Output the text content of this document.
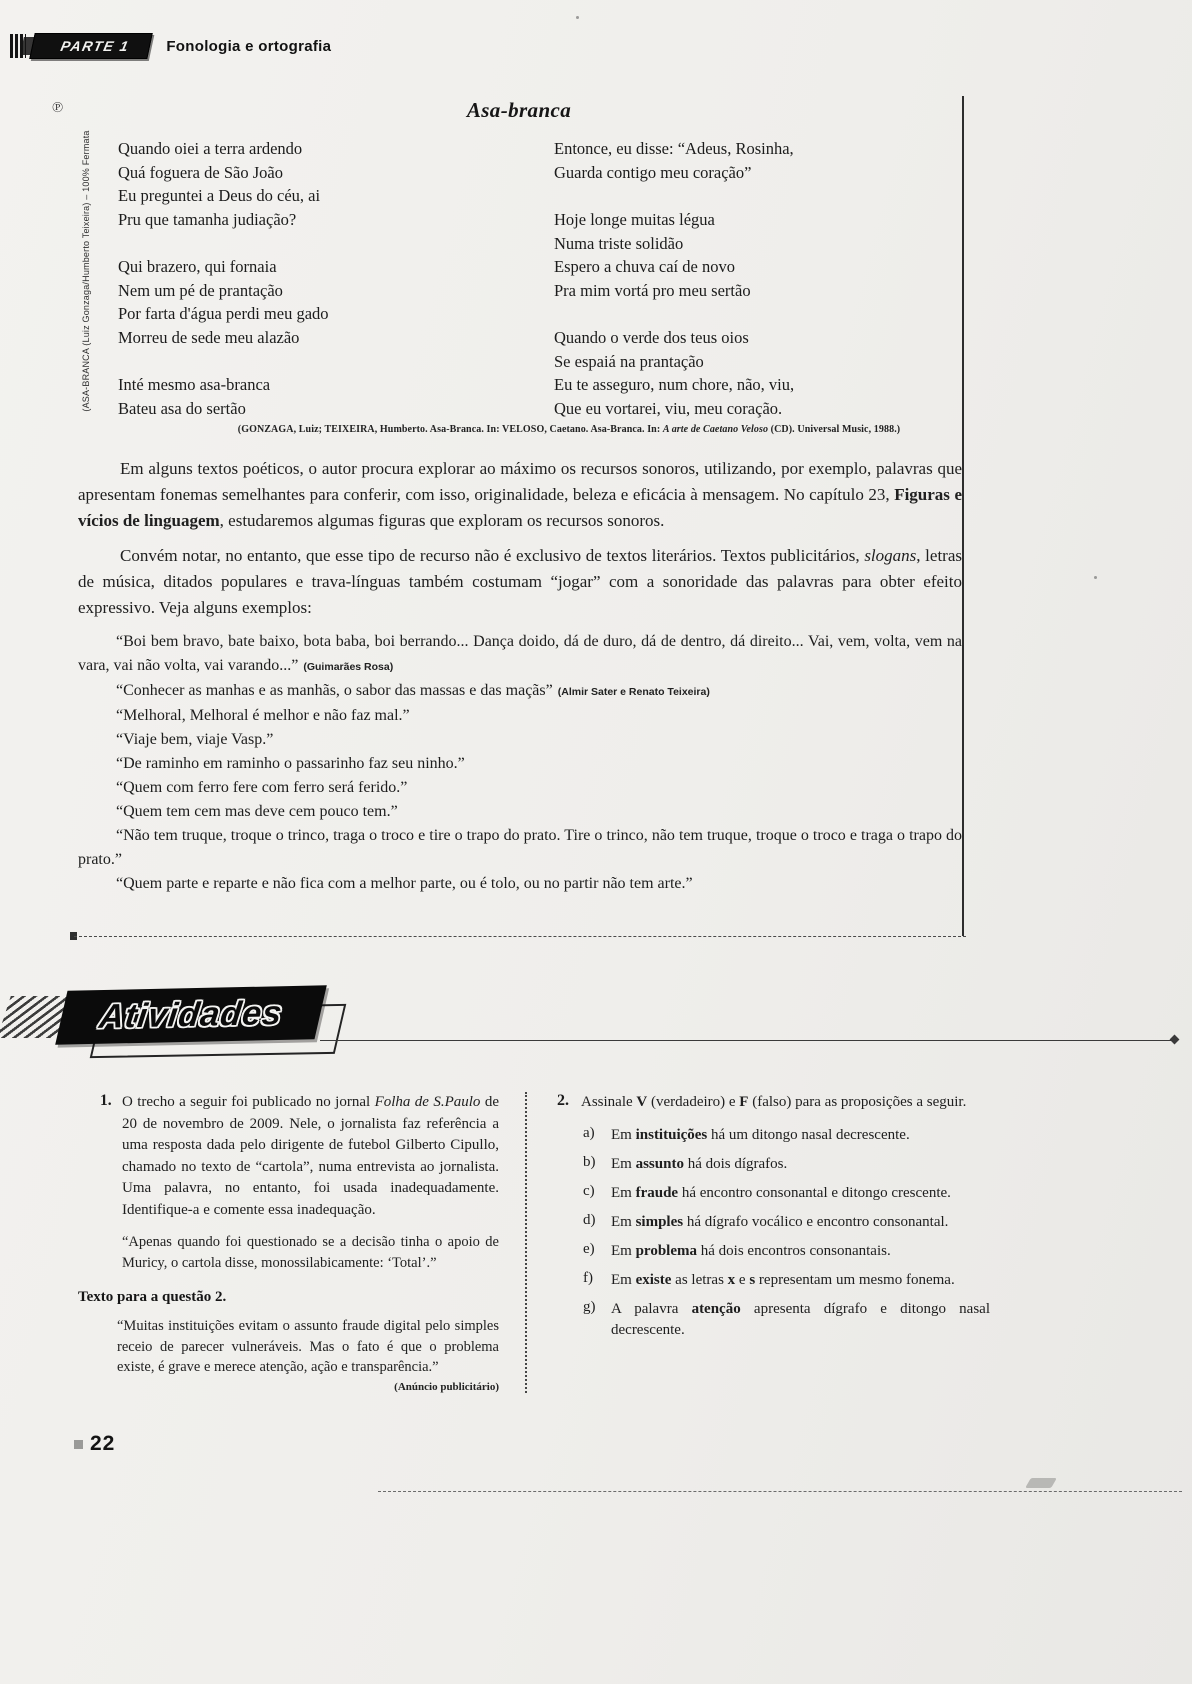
PARTE 1	Fonologia e ortografia
℗
(ASA-BRANCA (Luiz Gonzaga/Humberto Teixeira) – 100% Fermata
Asa-branca

Quando oiei a terra ardendo
Quá foguera de São João
Eu preguntei a Deus do céu, ai
Pru que tamanha judiação?

Qui brazero, qui fornaia
Nem um pé de prantação
Por farta d'água perdi meu gado
Morreu de sede meu alazão

Inté mesmo asa-branca
Bateu asa do sertão

Entonce, eu disse: “Adeus, Rosinha,
Guarda contigo meu coração”

Hoje longe muitas légua
Numa triste solidão
Espero a chuva caí de novo
Pra mim vortá pro meu sertão

Quando o verde dos teus oios
Se espaiá na prantação
Eu te asseguro, num chore, não, viu,
Que eu vortarei, viu, meu coração.

(GONZAGA, Luiz; TEIXEIRA, Humberto. Asa-Branca. In: VELOSO, Caetano. Asa-Branca. In: A arte de Caetano Veloso (CD). Universal Music, 1988.)

Em alguns textos poéticos, o autor procura explorar ao máximo os recursos sonoros, utilizando, por exemplo, palavras que apresentam fonemas semelhantes para conferir, com isso, originalidade, beleza e eficácia à mensagem. No capítulo 23, Figuras e vícios de linguagem, estudaremos algumas figuras que exploram os recursos sonoros.

Convém notar, no entanto, que esse tipo de recurso não é exclusivo de textos literários. Textos publicitários, slogans, letras de música, ditados populares e trava-línguas também costumam “jogar” com a sonoridade das palavras para obter efeito expressivo. Veja alguns exemplos:

“Boi bem bravo, bate baixo, bota baba, boi berrando... Dança doido, dá de duro, dá de dentro, dá direito... Vai, vem, volta, vem na vara, vai não volta, vai varando...” (Guimarães Rosa)

“Conhecer as manhas e as manhãs, o sabor das massas e das maçãs” (Almir Sater e Renato Teixeira)

“Melhoral, Melhoral é melhor e não faz mal.”

“Viaje bem, viaje Vasp.”

“De raminho em raminho o passarinho faz seu ninho.”

“Quem com ferro fere com ferro será ferido.”

“Quem tem cem mas deve cem pouco tem.”

“Não tem truque, troque o trinco, traga o troco e tire o trapo do prato. Tire o trinco, não tem truque, troque o troco e traga o trapo do prato.”

“Quem parte e reparte e não fica com a melhor parte, ou é tolo, ou no partir não tem arte.”

Atividades
1. O trecho a seguir foi publicado no jornal Folha de S.Paulo de 20 de novembro de 2009. Nele, o jornalista faz referência a uma resposta dada pelo dirigente de futebol Gilberto Cipullo, chamado no texto de “cartola”, numa entrevista ao jornalista. Uma palavra, no entanto, foi usada inadequadamente. Identifique-a e comente essa inadequação.
“Apenas quando foi questionado se a decisão tinha o apoio de Muricy, o cartola disse, monossilabicamente: ‘Total’.”
Texto para a questão 2.
“Muitas instituições evitam o assunto fraude digital pelo simples receio de parecer vulneráveis. Mas o fato é que o problema existe, é grave e merece atenção, ação e transparência.”
(Anúncio publicitário)
2. Assinale V (verdadeiro) e F (falso) para as proposições a seguir.
a)	Em instituições há um ditongo nasal decrescente.
b)	Em assunto há dois dígrafos.
c)	Em fraude há encontro consonantal e ditongo crescente.
d)	Em simples há dígrafo vocálico e encontro consonantal.
e)	Em problema há dois encontros consonantais.
f)	Em existe as letras x e s representam um mesmo fonema.
g)	A palavra atenção apresenta dígrafo e ditongo nasal decrescente.
22
